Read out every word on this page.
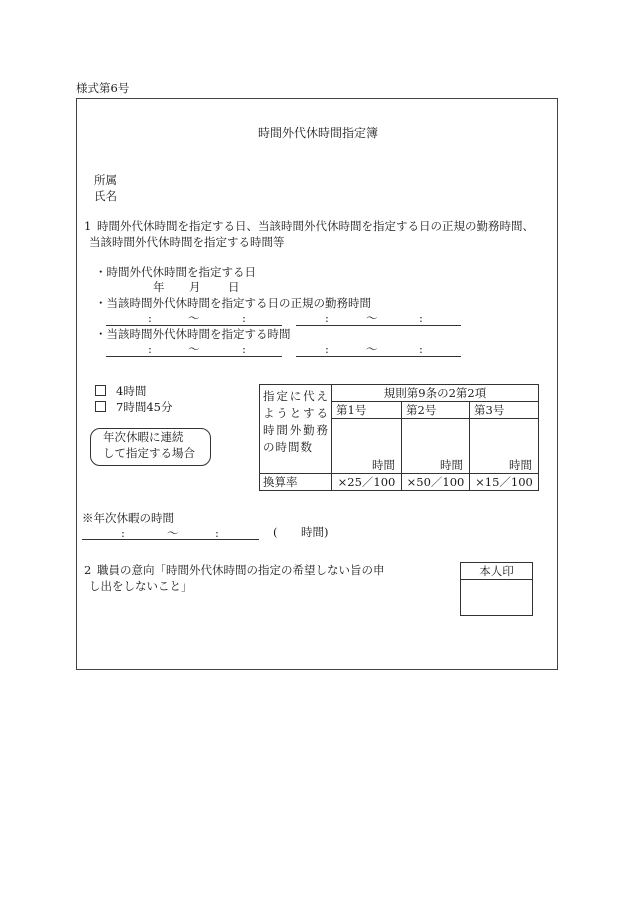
様式第6号
時間外代休時間指定簿
所属
氏名
1 時間外代休時間を指定する日、当該時間外代休時間を指定する日の正規の勤務時間、
当該時間外代休時間を指定する時間等
・時間外代休時間を指定する日
年 月 日
・当該時間外代休時間を指定する日の正規の勤務時間
:	〜	:	:	〜	:
・当該時間外代休時間を指定する時間
:	〜	:	:	〜	:
4時間
7時間45分
年次休暇に連続
して指定する場合
指定に代えようとする時間外勤務の時間数	規則第9条の2第2項		
	第1号	第2号	第3号
	時間	時間	時間
換算率	×25／100	×50／100	×15／100
※年次休暇の時間
:	〜	:	( 時間)
2 職員の意向「時間外代休時間の指定の希望しない旨の申
し出をしないこと」
本人印
